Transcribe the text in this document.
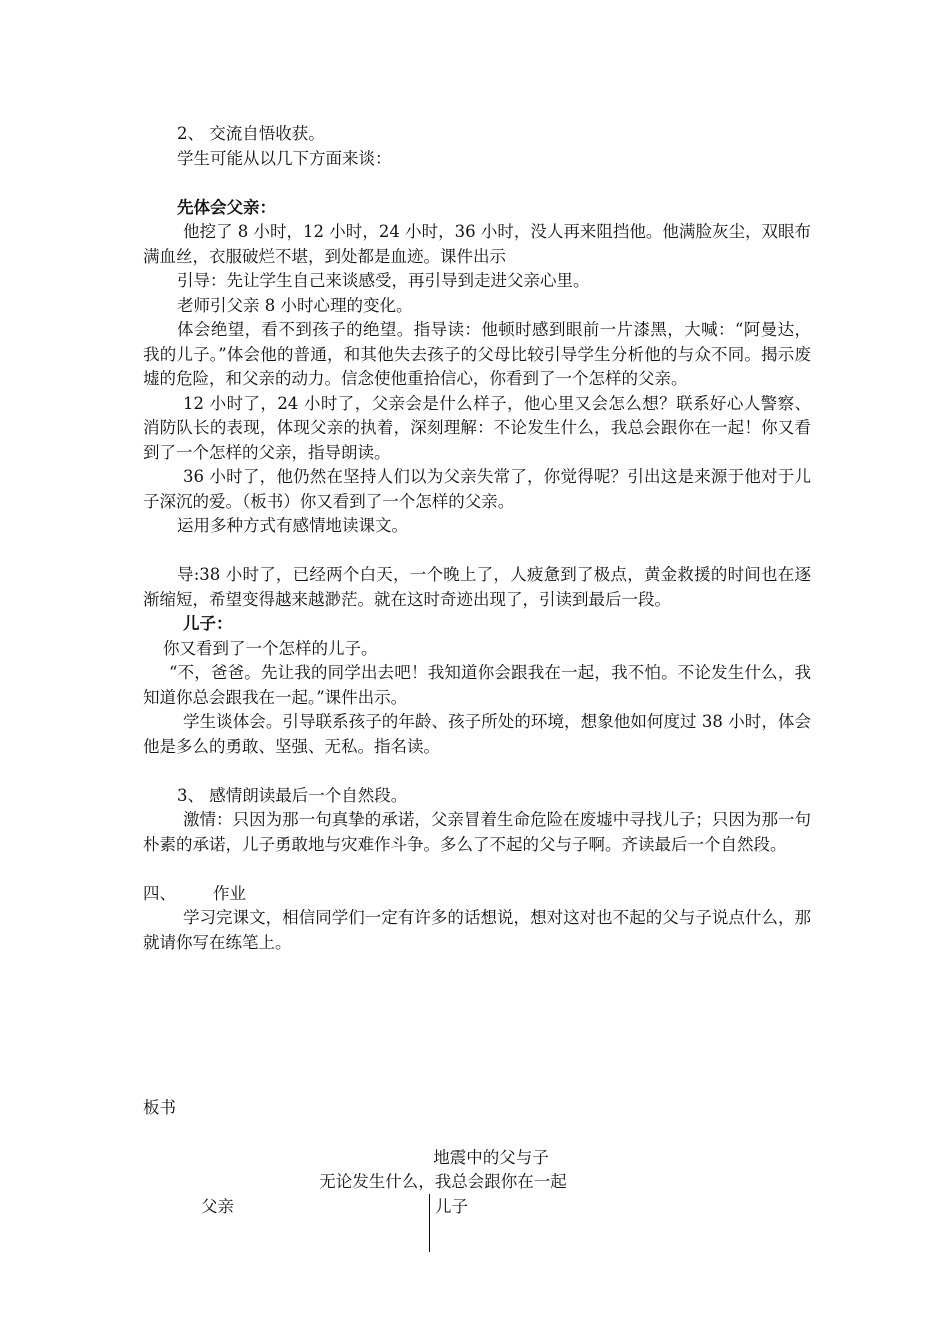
2、 交流自悟收获。

学生可能从以几下方面来谈：

先体会父亲：

他挖了 8 小时，12 小时，24 小时，36 小时，没人再来阻挡他。他满脸灰尘，双眼布满血丝，衣服破烂不堪，到处都是血迹。课件出示

引导：先让学生自己来谈感受，再引导到走进父亲心里。

老师引父亲 8 小时心理的变化。

体会绝望，看不到孩子的绝望。指导读：他顿时感到眼前一片漆黑，大喊：“阿曼达，我的儿子。”体会他的普通，和其他失去孩子的父母比较引导学生分析他的与众不同。揭示废墟的危险，和父亲的动力。信念使他重拾信心，你看到了一个怎样的父亲。

12 小时了，24 小时了，父亲会是什么样子，他心里又会怎么想？联系好心人警察、消防队长的表现，体现父亲的执着，深刻理解：不论发生什么，我总会跟你在一起！你又看到了一个怎样的父亲，指导朗读。

36 小时了，他仍然在坚持人们以为父亲失常了，你觉得呢？引出这是来源于他对于儿子深沉的爱。（板书）你又看到了一个怎样的父亲。

运用多种方式有感情地读课文。

导:38 小时了，已经两个白天，一个晚上了，人疲惫到了极点，黄金救援的时间也在逐渐缩短，希望变得越来越渺茫。就在这时奇迹出现了，引读到最后一段。

儿子：

你又看到了一个怎样的儿子。

“不，爸爸。先让我的同学出去吧！我知道你会跟我在一起，我不怕。不论发生什么，我知道你总会跟我在一起。”课件出示。

学生谈体会。引导联系孩子的年龄、孩子所处的环境，想象他如何度过 38 小时，体会他是多么的勇敢、坚强、无私。指名读。

3、 感情朗读最后一个自然段。

激情：只因为那一句真挚的承诺，父亲冒着生命危险在废墟中寻找儿子；只因为那一句朴素的承诺，儿子勇敢地与灾难作斗争。多么了不起的父与子啊。齐读最后一个自然段。

四、	作业

学习完课文，相信同学们一定有许多的话想说，想对这对也不起的父与子说点什么，那就请你写在练笔上。

板书
地震中的父与子
无论发生什么，我总会跟你在一起
父亲	儿子
